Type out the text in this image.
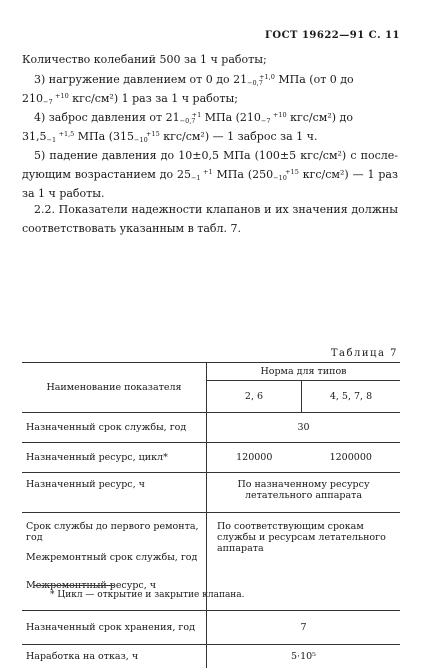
ГОСТ 19622—91 С. 11
Количество колебаний 500 за 1 ч работы;
3) нагружение давлением от 0 до 21 +1,0
−0,7 МПа (от 0 до
210 +10
−7 кгс/см²) 1 раз за 1 ч работы;
4) заброс давления от 21 +1
−0,7 МПа (210 +10
−7 кгс/см²) до
31,5 +1,5
−1 МПа (315 +15
−10 кгс/см²) — 1 заброс за 1 ч.
5) падение давления до 10±0,5 МПа (100±5 кгс/см²) с после-дующим возрастанием до 25 +1
−1 МПа (250 +15
−10 кгс/см²) — 1 раз за 1 ч работы.
2.2. Показатели надежности клапанов и их значения должны соответствовать указанным в табл. 7.
Таблица 7
Наименование показателя	Норма для типов	
	2, 6	4, 5, 7, 8
Назначенный срок службы, год	30	
Назначенный ресурс, цикл*	120000	1200000
Назначенный ресурс, ч	По назначенному ресурсу летательного аппарата	
Срок службы до первого ремонта, год	По соответствующим срокам службы и ресурсам летательного аппарата	
Межремонтный срок службы, год		
Межремонтный ресурс, ч		
Назначенный срок хранения, год	7	
Наработка на отказ, ч	5·10⁵	
* Цикл — открытие и закрытие клапана.
